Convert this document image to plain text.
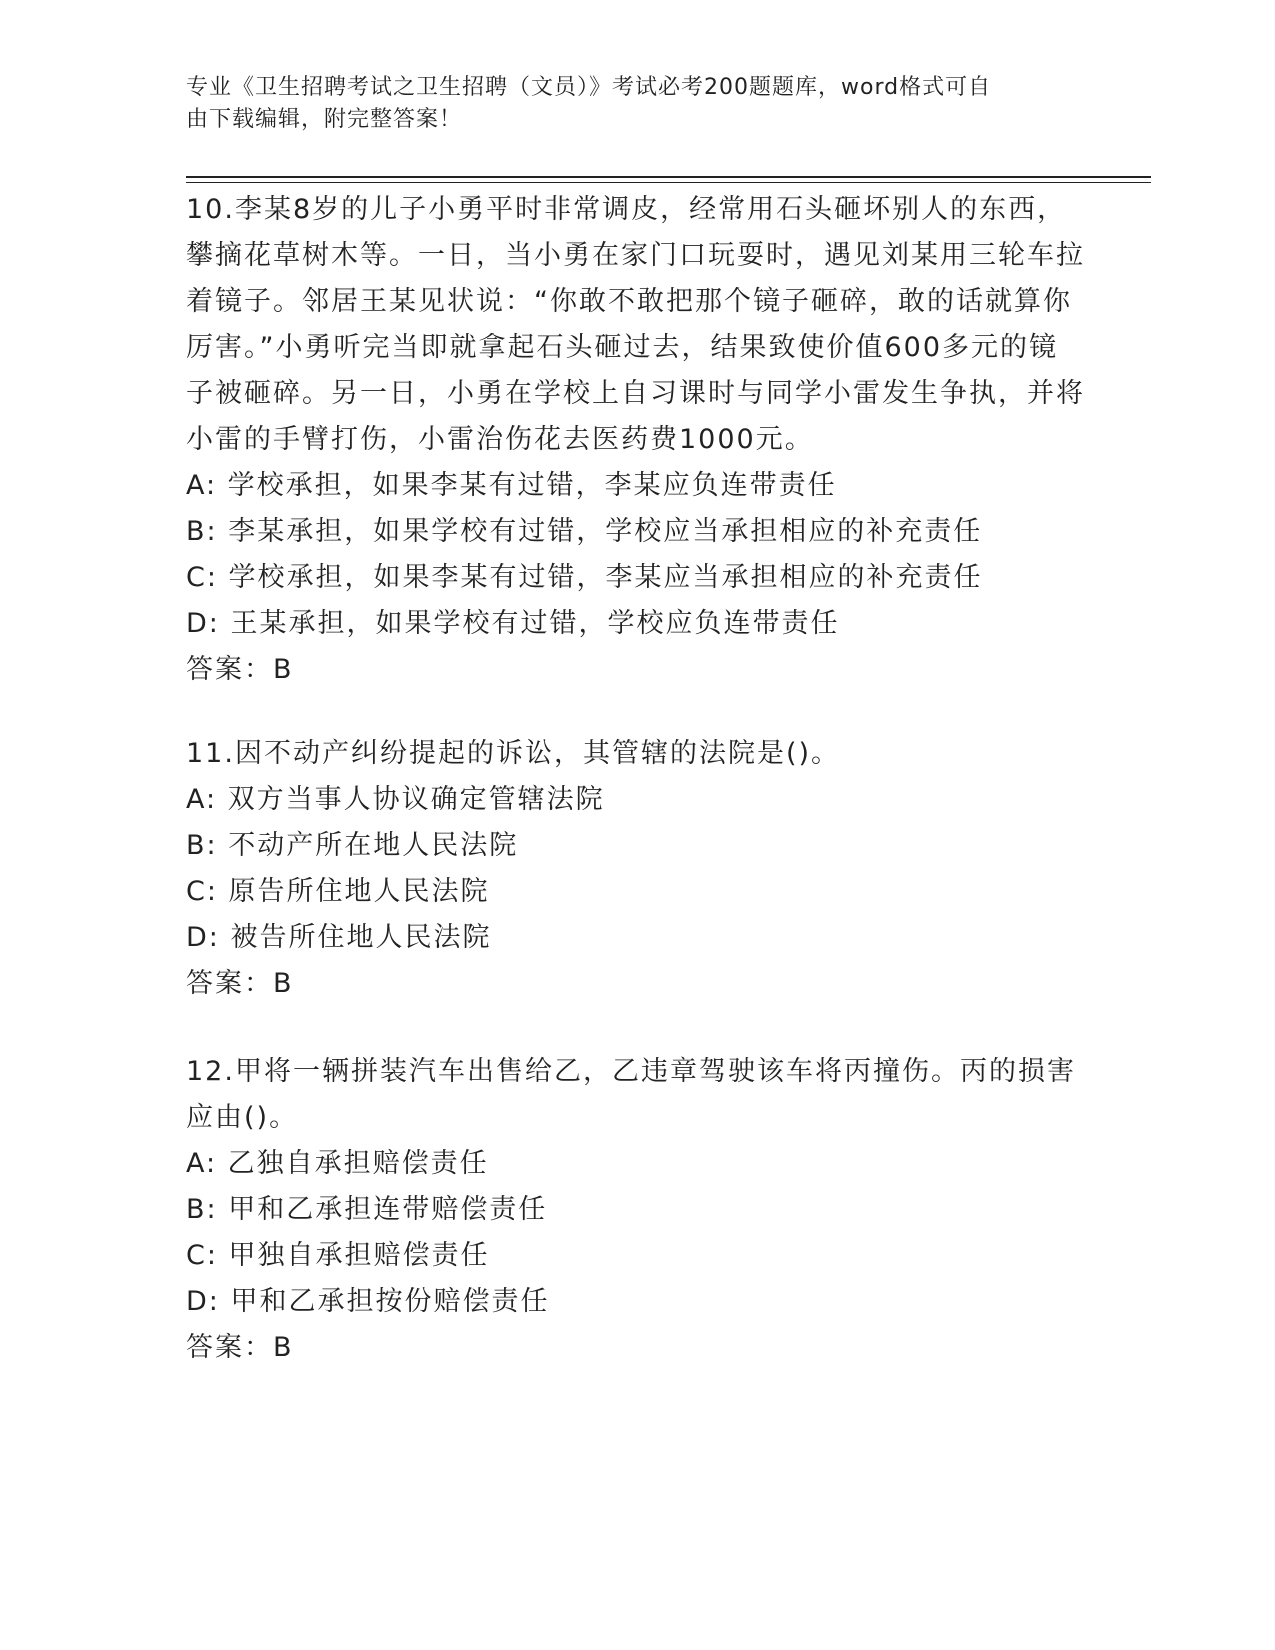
专业《卫生招聘考试之卫生招聘（文员）》考试必考200题题库，word格式可自
由下载编辑，附完整答案！

10.李某8岁的儿子小勇平时非常调皮，经常用石头砸坏别人的东西，攀摘花草树木等。一日，当小勇在家门口玩耍时，遇见刘某用三轮车拉着镜子。邻居王某见状说：“你敢不敢把那个镜子砸碎，敢的话就算你厉害。”小勇听完当即就拿起石头砸过去，结果致使价值600多元的镜子被砸碎。另一日，小勇在学校上自习课时与同学小雷发生争执，并将小雷的手臂打伤，小雷治伤花去医药费1000元。

A: 学校承担，如果李某有过错，李某应负连带责任

B: 李某承担，如果学校有过错，学校应当承担相应的补充责任

C: 学校承担，如果李某有过错，李某应当承担相应的补充责任

D: 王某承担，如果学校有过错，学校应负连带责任

答案：B

11.因不动产纠纷提起的诉讼，其管辖的法院是()。

A: 双方当事人协议确定管辖法院

B: 不动产所在地人民法院

C: 原告所住地人民法院

D: 被告所住地人民法院

答案：B

12.甲将一辆拼装汽车出售给乙，乙违章驾驶该车将丙撞伤。丙的损害应由()。

A: 乙独自承担赔偿责任

B: 甲和乙承担连带赔偿责任

C: 甲独自承担赔偿责任

D: 甲和乙承担按份赔偿责任

答案：B
